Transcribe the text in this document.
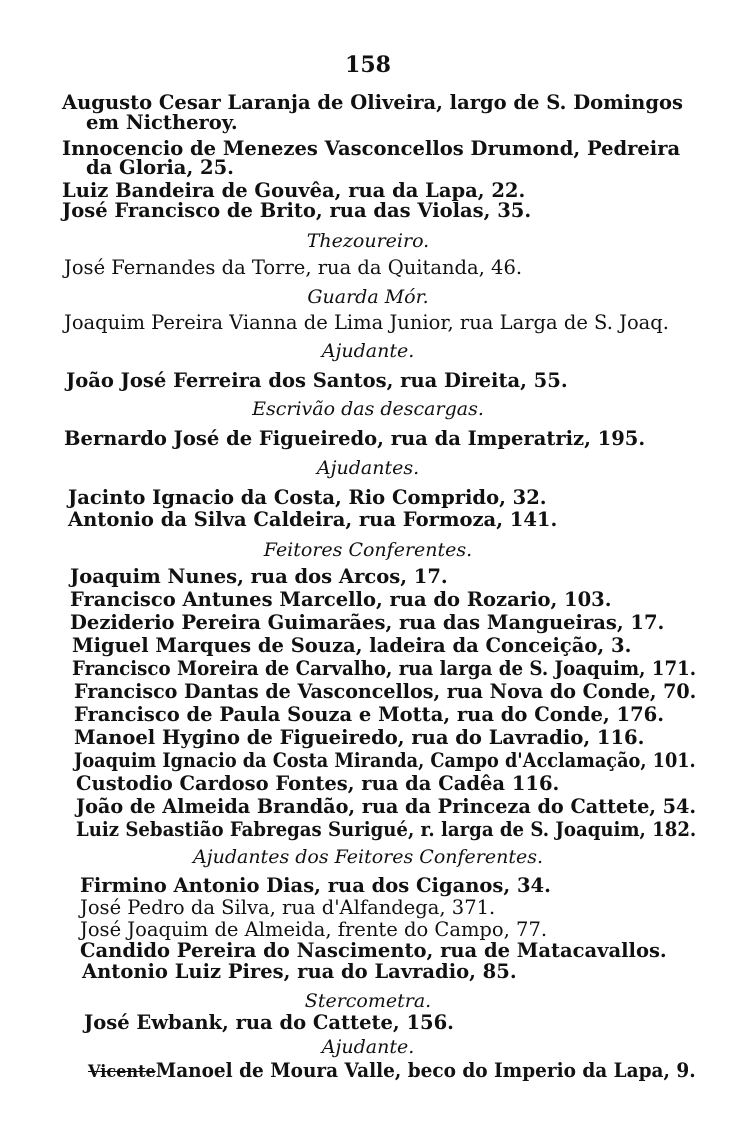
158
Augusto Cesar Laranja de Oliveira, largo de S. Domingos
em Nictheroy.
Innocencio de Menezes Vasconcellos Drumond, Pedreira
da Gloria, 25.
Luiz Bandeira de Gouvêa, rua da Lapa, 22.
José Francisco de Brito, rua das Violas, 35.
Thezoureiro.
José Fernandes da Torre, rua da Quitanda, 46.
Guarda Mór.
Joaquim Pereira Vianna de Lima Junior, rua Larga de S. Joaq.
Ajudante.
João José Ferreira dos Santos, rua Direita, 55.
Escrivão das descargas.
Bernardo José de Figueiredo, rua da Imperatriz, 195.
Ajudantes.
Jacinto Ignacio da Costa, Rio Comprido, 32.
Antonio da Silva Caldeira, rua Formoza, 141.
Feitores Conferentes.
Joaquim Nunes, rua dos Arcos, 17.
Francisco Antunes Marcello, rua do Rozario, 103.
Deziderio Pereira Guimarães, rua das Mangueiras, 17.
Miguel Marques de Souza, ladeira da Conceição, 3.
Francisco Moreira de Carvalho, rua larga de S. Joaquim, 171.
Francisco Dantas de Vasconcellos, rua Nova do Conde, 70.
Francisco de Paula Souza e Motta, rua do Conde, 176.
Manoel Hygino de Figueiredo, rua do Lavradio, 116.
Joaquim Ignacio da Costa Miranda, Campo d'Acclamação, 101.
Custodio Cardoso Fontes, rua da Cadêa 116.
João de Almeida Brandão, rua da Princeza do Cattete, 54.
Luiz Sebastião Fabregas Surigué, r. larga de S. Joaquim, 182.
Ajudantes dos Feitores Conferentes.
Firmino Antonio Dias, rua dos Ciganos, 34.
José Pedro da Silva, rua d'Alfandega, 371.
José Joaquim de Almeida, frente do Campo, 77.
Candido Pereira do Nascimento, rua de Matacavallos.
Antonio Luiz Pires, rua do Lavradio, 85.
Stercometra.
José Ewbank, rua do Cattete, 156.
Ajudante.
VicenteManoel de Moura Valle, beco do Imperio da Lapa, 9.
